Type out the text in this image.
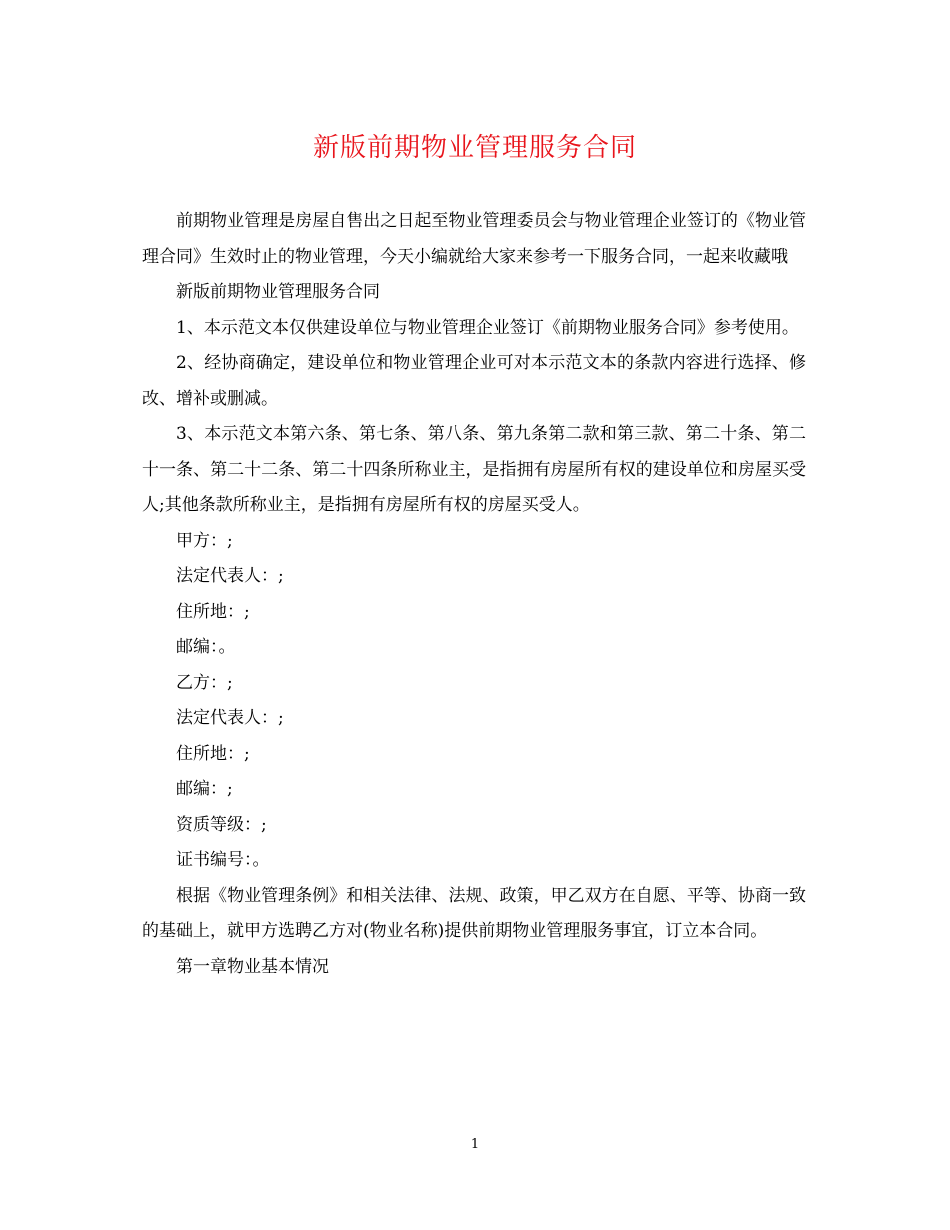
新版前期物业管理服务合同

前期物业管理是房屋自售出之日起至物业管理委员会与物业管理企业签订的《物业管理合同》生效时止的物业管理，今天小编就给大家来参考一下服务合同，一起来收藏哦

新版前期物业管理服务合同

1、本示范文本仅供建设单位与物业管理企业签订《前期物业服务合同》参考使用。

2、经协商确定，建设单位和物业管理企业可对本示范文本的条款内容进行选择、修改、增补或删减。

3、本示范文本第六条、第七条、第八条、第九条第二款和第三款、第二十条、第二十一条、第二十二条、第二十四条所称业主，是指拥有房屋所有权的建设单位和房屋买受人;其他条款所称业主，是指拥有房屋所有权的房屋买受人。

甲方：;

法定代表人：;

住所地：;

邮编：。

乙方：;

法定代表人：;

住所地：;

邮编：;

资质等级：;

证书编号：。

根据《物业管理条例》和相关法律、法规、政策，甲乙双方在自愿、平等、协商一致的基础上，就甲方选聘乙方对(物业名称)提供前期物业管理服务事宜，订立本合同。

第一章物业基本情况

1
